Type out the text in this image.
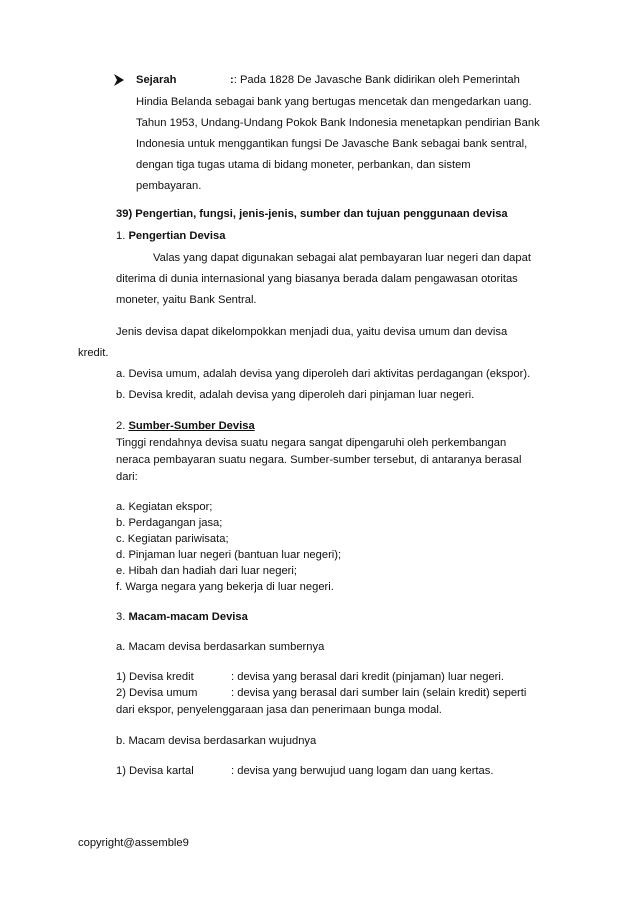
Sejarah	:: Pada 1828 De Javasche Bank didirikan oleh Pemerintah
Hindia Belanda sebagai bank yang bertugas mencetak dan mengedarkan uang.
Tahun 1953, Undang-Undang Pokok Bank Indonesia menetapkan pendirian Bank
Indonesia untuk menggantikan fungsi De Javasche Bank sebagai bank sentral,
dengan tiga tugas utama di bidang moneter, perbankan, dan sistem
pembayaran.
39) Pengertian, fungsi, jenis-jenis, sumber dan tujuan penggunaan devisa
1. Pengertian Devisa
Valas yang dapat digunakan sebagai alat pembayaran luar negeri dan dapat
diterima di dunia internasional yang biasanya berada dalam pengawasan otoritas
moneter, yaitu Bank Sentral.
Jenis devisa dapat dikelompokkan menjadi dua, yaitu devisa umum dan devisa
kredit.
a. Devisa umum, adalah devisa yang diperoleh dari aktivitas perdagangan (ekspor).
b. Devisa kredit, adalah devisa yang diperoleh dari pinjaman luar negeri.
2. Sumber-Sumber Devisa
Tinggi rendahnya devisa suatu negara sangat dipengaruhi oleh perkembangan
neraca pembayaran suatu negara. Sumber-sumber tersebut, di antaranya berasal
dari:
a. Kegiatan ekspor;
b. Perdagangan jasa;
c. Kegiatan pariwisata;
d. Pinjaman luar negeri (bantuan luar negeri);
e. Hibah dan hadiah dari luar negeri;
f. Warga negara yang bekerja di luar negeri.
3. Macam-macam Devisa
a. Macam devisa berdasarkan sumbernya
1) Devisa kredit	: devisa yang berasal dari kredit (pinjaman) luar negeri.
2) Devisa umum	: devisa yang berasal dari sumber lain (selain kredit) seperti
dari ekspor, penyelenggaraan jasa dan penerimaan bunga modal.
b. Macam devisa berdasarkan wujudnya
1) Devisa kartal	: devisa yang berwujud uang logam dan uang kertas.
copyright@assemble9
